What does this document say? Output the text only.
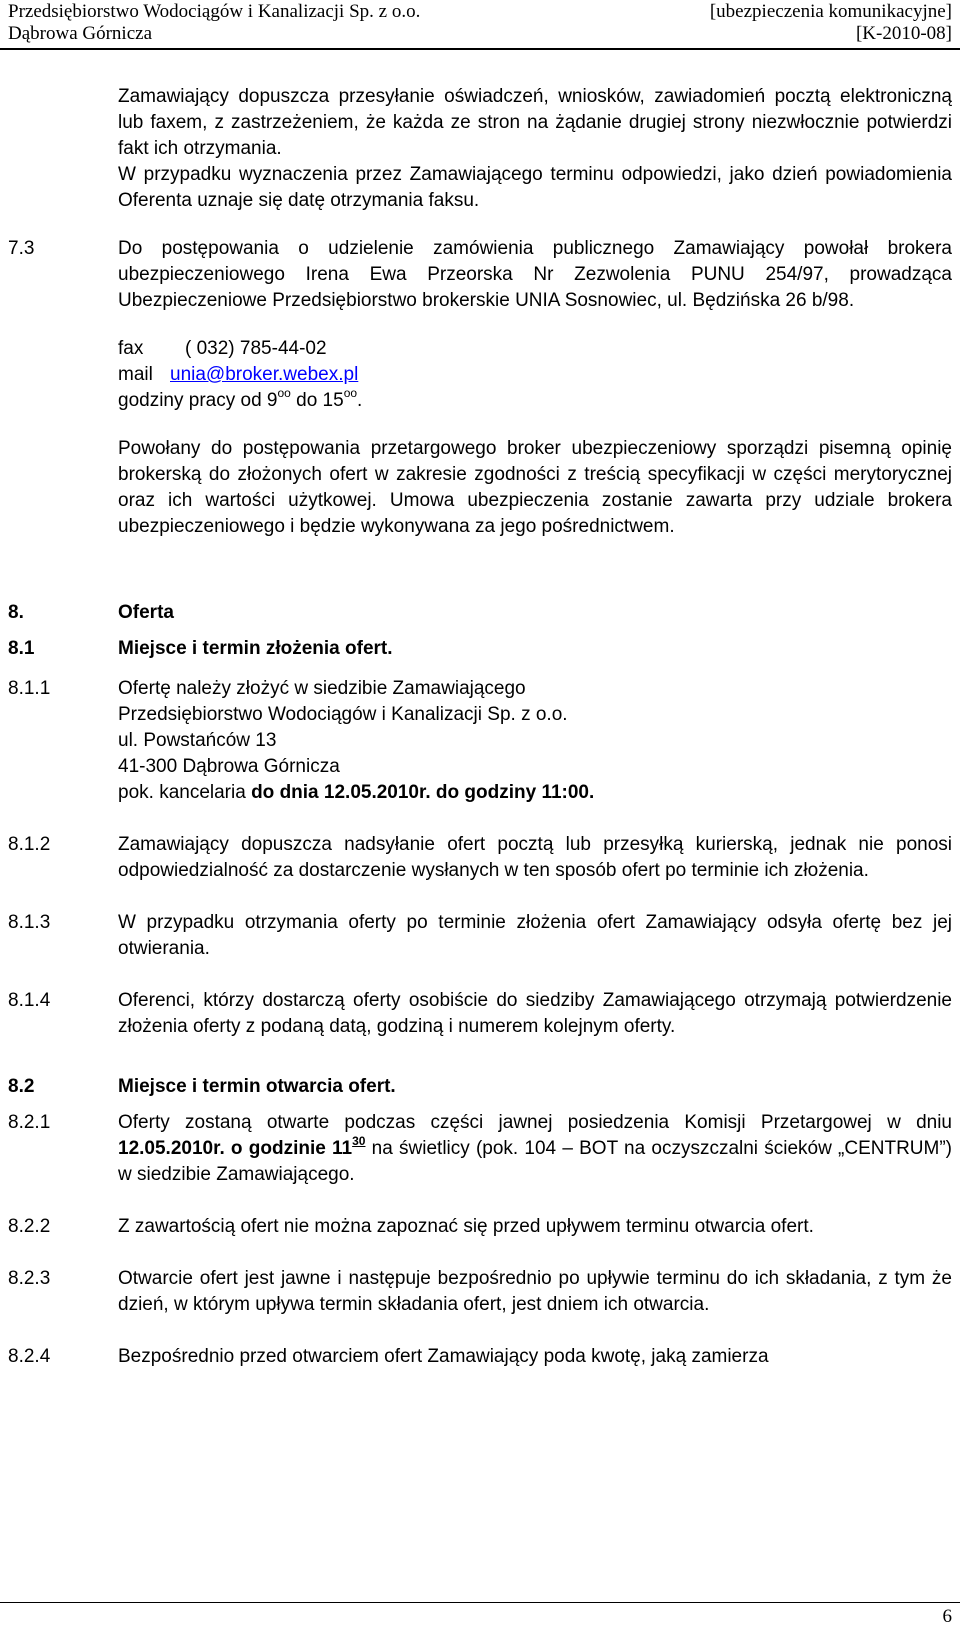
Przedsiębiorstwo Wodociągów i Kanalizacji Sp. z o.o.
Dąbrowa Górnicza
[ubezpieczenia komunikacyjne]
[K-2010-08]
Zamawiający dopuszcza przesyłanie oświadczeń, wniosków, zawiadomień pocztą elektroniczną lub faxem, z zastrzeżeniem, że każda ze stron na żądanie drugiej strony niezwłocznie potwierdzi fakt ich otrzymania.
W przypadku wyznaczenia przez Zamawiającego terminu odpowiedzi, jako dzień powiadomienia Oferenta uznaje się datę otrzymania faksu.
7.3	Do postępowania o udzielenie zamówienia publicznego Zamawiający powołał brokera ubezpieczeniowego Irena Ewa Przeorska Nr Zezwolenia PUNU 254/97, prowadząca Ubezpieczeniowe Przedsiębiorstwo brokerskie UNIA Sosnowiec, ul. Będzińska 26 b/98.
fax ( 032) 785-44-02
mail unia@broker.webex.pl
godziny pracy od $9^{oo}$ do $15^{oo}$.
Powołany do postępowania przetargowego broker ubezpieczeniowy sporządzi pisemną opinię brokerską do złożonych ofert w zakresie zgodności z treścią specyfikacji w części merytorycznej oraz ich wartości użytkowej. Umowa ubezpieczenia zostanie zawarta przy udziale brokera ubezpieczeniowego i będzie wykonywana za jego pośrednictwem.
8.	Oferta
8.1	Miejsce i termin złożenia ofert.
8.1.1	Ofertę należy złożyć w siedzibie Zamawiającego
Przedsiębiorstwo Wodociągów i Kanalizacji Sp. z o.o.
ul. Powstańców 13
41-300 Dąbrowa Górnicza
pok. kancelaria do dnia 12.05.2010r. do godziny 11:00.
8.1.2	Zamawiający dopuszcza nadsyłanie ofert pocztą lub przesyłką kurierską, jednak nie ponosi odpowiedzialność za dostarczenie wysłanych w ten sposób ofert po terminie ich złożenia.
8.1.3	W przypadku otrzymania oferty po terminie złożenia ofert Zamawiający odsyła ofertę bez jej otwierania.
8.1.4	Oferenci, którzy dostarczą oferty osobiście do siedziby Zamawiającego otrzymają potwierdzenie złożenia oferty z podaną datą, godziną i numerem kolejnym oferty.
8.2	Miejsce i termin otwarcia ofert.
8.2.1	Oferty zostaną otwarte podczas części jawnej posiedzenia Komisji Przetargowej w dniu 12.05.2010r. o godzinie $11^{30}$ na świetlicy (pok. 104 – BOT na oczyszczalni ścieków „CENTRUM”) w siedzibie Zamawiającego.
8.2.2	Z zawartością ofert nie można zapoznać się przed upływem terminu otwarcia ofert.
8.2.3	Otwarcie ofert jest jawne i następuje bezpośrednio po upływie terminu do ich składania, z tym że dzień, w którym upływa termin składania ofert, jest dniem ich otwarcia.
8.2.4	Bezpośrednio przed otwarciem ofert Zamawiający poda kwotę, jaką zamierza
6
